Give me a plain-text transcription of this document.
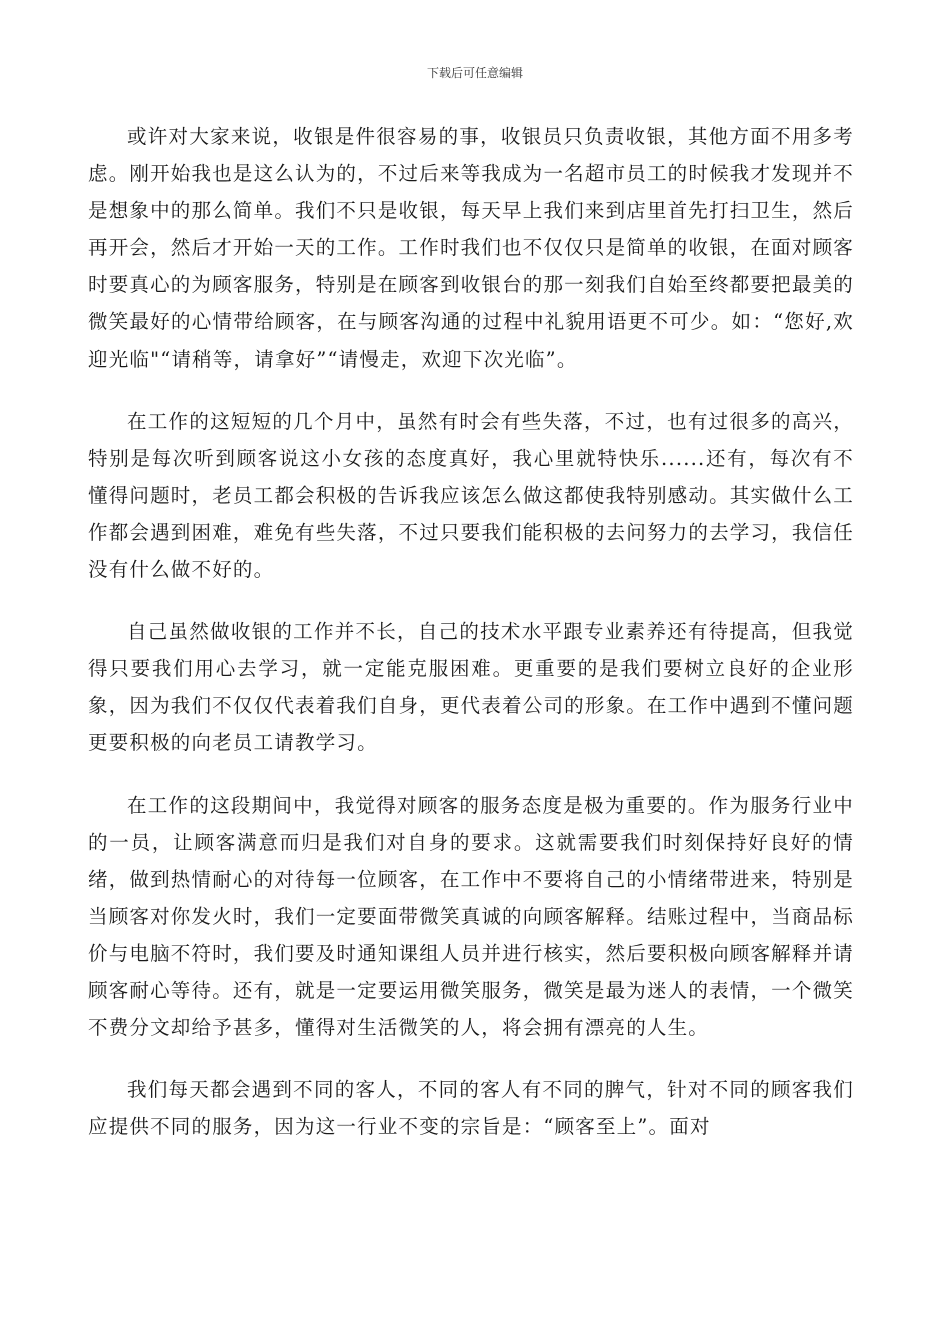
下载后可任意编辑

或许对大家来说，收银是件很容易的事，收银员只负责收银，其他方面不用多考虑。刚开始我也是这么认为的，不过后来等我成为一名超市员工的时候我才发现并不是想象中的那么简单。我们不只是收银，每天早上我们来到店里首先打扫卫生，然后再开会，然后才开始一天的工作。工作时我们也不仅仅只是简单的收银，在面对顾客时要真心的为顾客服务，特别是在顾客到收银台的那一刻我们自始至终都要把最美的微笑最好的心情带给顾客，在与顾客沟通的过程中礼貌用语更不可少。如：“您好,欢迎光临"“请稍等，请拿好”“请慢走，欢迎下次光临”。

在工作的这短短的几个月中，虽然有时会有些失落，不过，也有过很多的高兴，特别是每次听到顾客说这小女孩的态度真好，我心里就特快乐......还有，每次有不懂得问题时，老员工都会积极的告诉我应该怎么做这都使我特别感动。其实做什么工作都会遇到困难，难免有些失落，不过只要我们能积极的去问努力的去学习，我信任没有什么做不好的。

自己虽然做收银的工作并不长，自己的技术水平跟专业素养还有待提高，但我觉得只要我们用心去学习，就一定能克服困难。更重要的是我们要树立良好的企业形象，因为我们不仅仅代表着我们自身，更代表着公司的形象。在工作中遇到不懂问题更要积极的向老员工请教学习。

在工作的这段期间中，我觉得对顾客的服务态度是极为重要的。作为服务行业中的一员，让顾客满意而归是我们对自身的要求。这就需要我们时刻保持好良好的情绪，做到热情耐心的对待每一位顾客，在工作中不要将自己的小情绪带进来，特别是当顾客对你发火时，我们一定要面带微笑真诚的向顾客解释。结账过程中，当商品标价与电脑不符时，我们要及时通知课组人员并进行核实，然后要积极向顾客解释并请顾客耐心等待。还有，就是一定要运用微笑服务，微笑是最为迷人的表情，一个微笑不费分文却给予甚多，懂得对生活微笑的人，将会拥有漂亮的人生。

我们每天都会遇到不同的客人，不同的客人有不同的脾气，针对不同的顾客我们应提供不同的服务，因为这一行业不变的宗旨是：“顾客至上”。面对
